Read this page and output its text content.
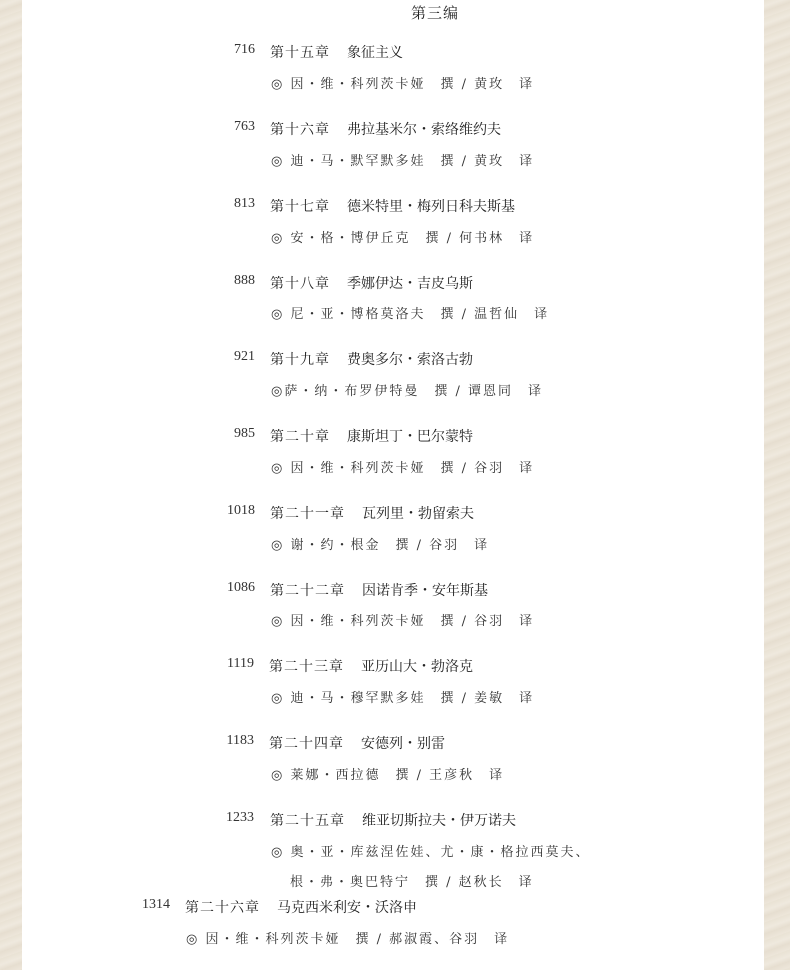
第三编
716 第十五章 象征主义
◎ 因・维・科列茨卡娅　撰 / 黄玫　译
763 第十六章 弗拉基米尔・索络维约夫
◎ 迪・马・默罕默多娃　撰 / 黄玫　译
813 第十七章 德米特里・梅列日科夫斯基
◎ 安・格・博伊丘克　撰 / 何书林　译
888 第十八章 季娜伊达・吉皮乌斯
◎ 尼・亚・博格莫洛夫　撰 / 温哲仙　译
921 第十九章 费奥多尔・索洛古勃
◎萨・纳・布罗伊特曼　撰 / 谭恩同　译
985 第二十章 康斯坦丁・巴尔蒙特
◎ 因・维・科列茨卡娅　撰 / 谷羽　译
1018 第二十一章 瓦列里・勃留索夫
◎ 谢・约・根金　撰 / 谷羽　译
1086 第二十二章 因诺肯季・安年斯基
◎ 因・维・科列茨卡娅　撰 / 谷羽　译
1119 第二十三章 亚历山大・勃洛克
◎ 迪・马・穆罕默多娃　撰 / 姜敏　译
1183 第二十四章 安德列・别雷
◎ 莱娜・西拉德　撰 / 王彦秋　译
1233 第二十五章 维亚切斯拉夫・伊万诺夫
◎ 奥・亚・库兹涅佐娃、尤・康・格拉西莫夫、
根・弗・奥巴特宁　撰 / 赵秋长　译
1314 第二十六章 马克西米利安・沃洛申
◎ 因・维・科列茨卡娅　撰 / 郝淑霞、谷羽　译
